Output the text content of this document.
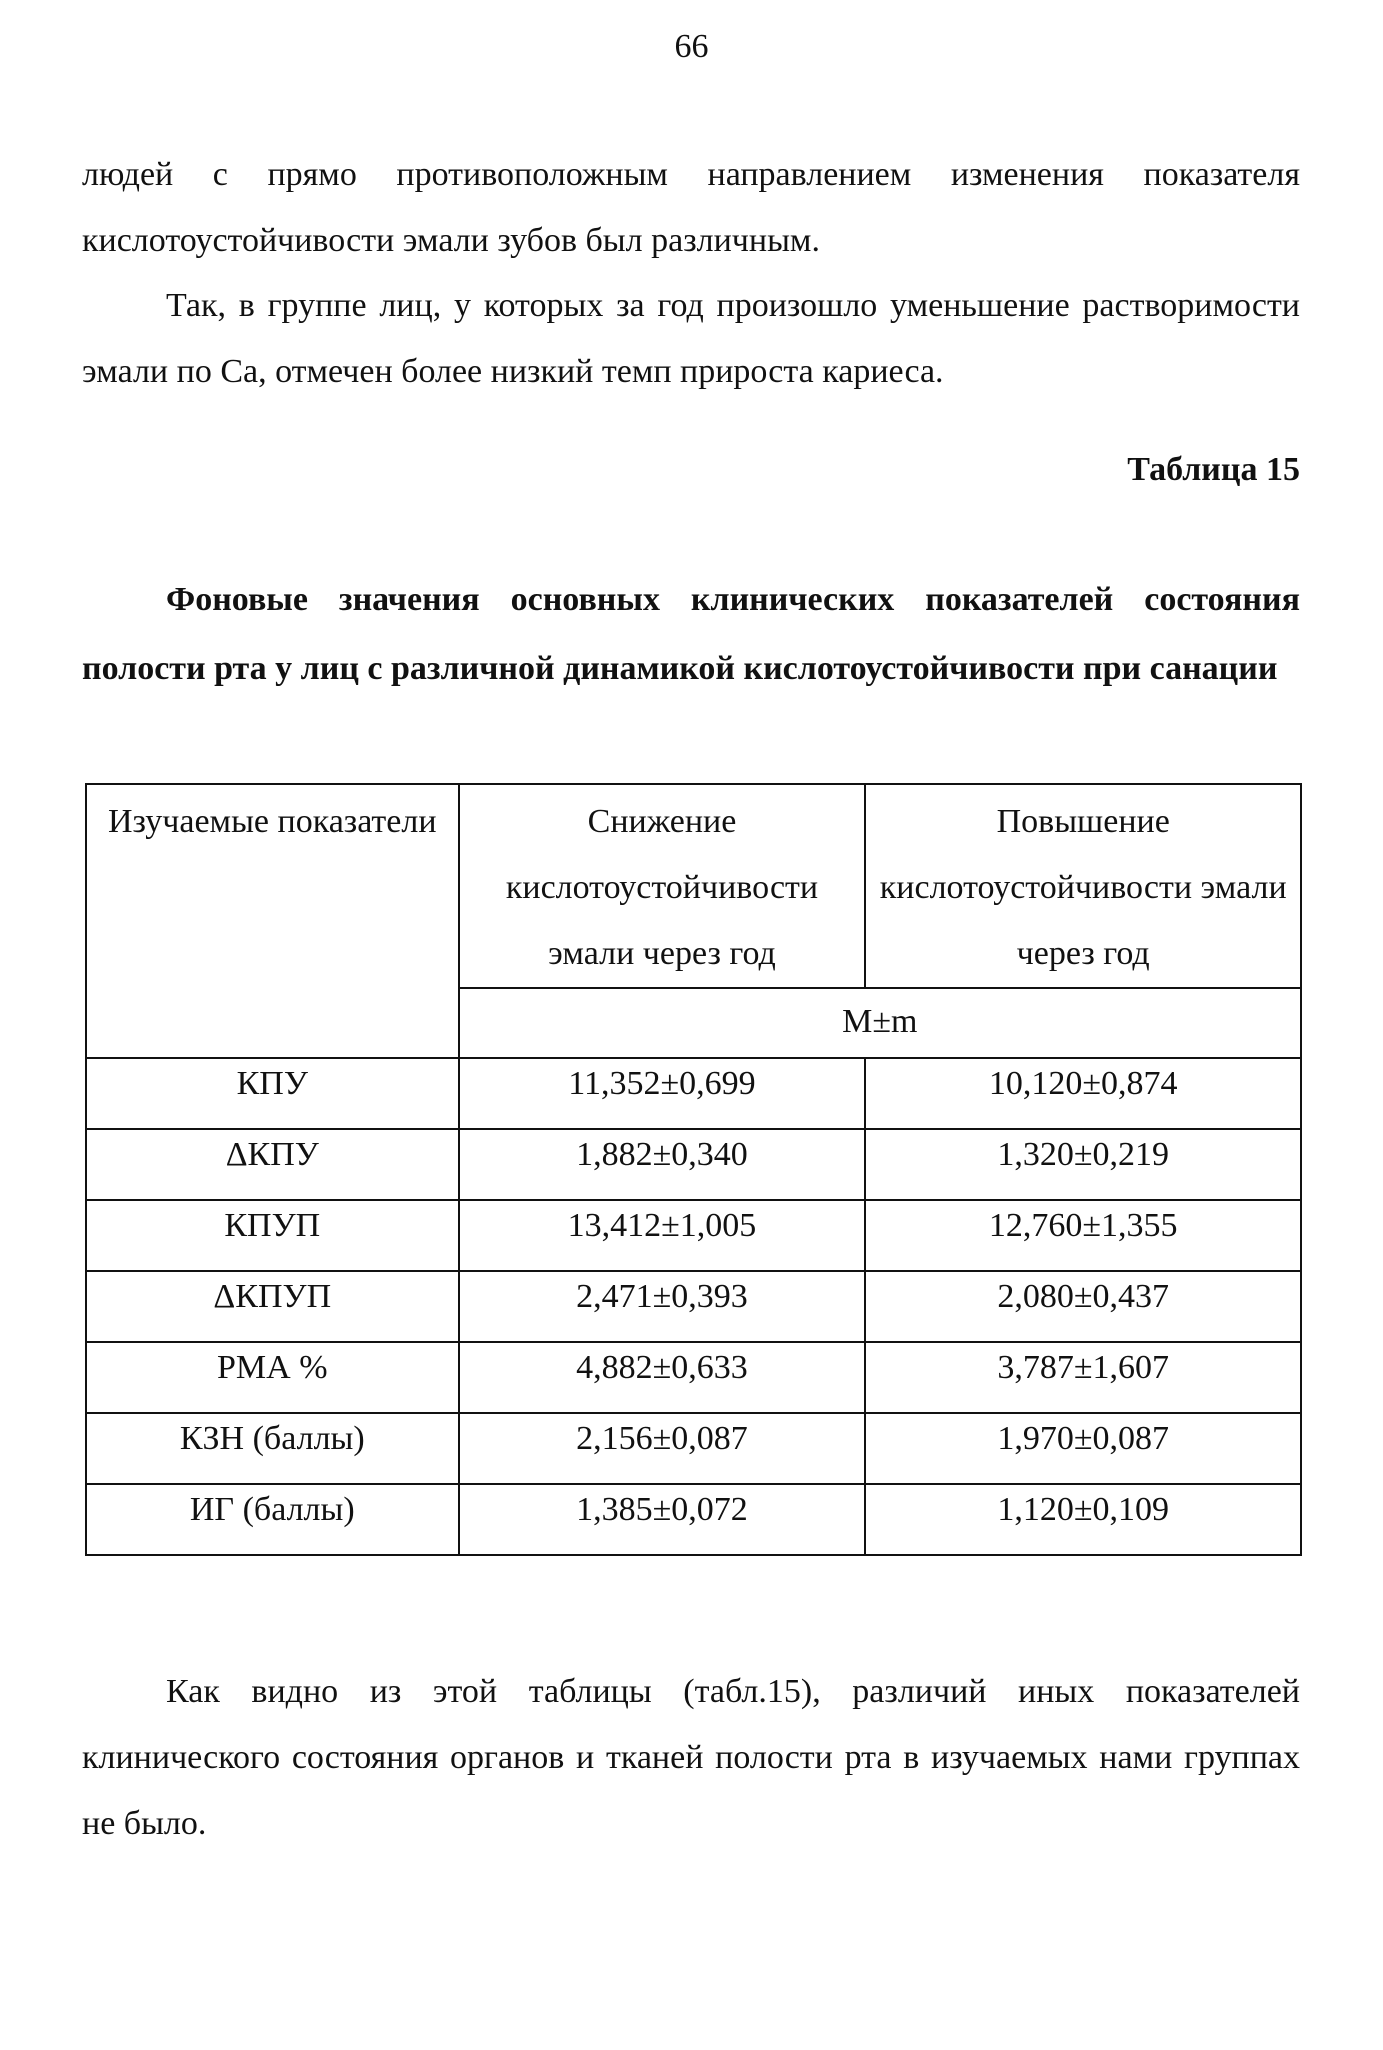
66
людей с прямо противоположным направлением изменения показателя кислотоустойчивости эмали зубов был различным.
Так, в группе лиц, у которых за год произошло уменьшение растворимости эмали по Са, отмечен более низкий темп прироста кариеса.
Таблица 15
Фоновые значения основных клинических показателей состояния полости рта у лиц с различной динамикой кислотоустойчивости при санации
Изучаемые показатели	Снижение кислотоустойчивости эмали через год	Повышение кислотоустойчивости эмали через год
	M±m	
КПУ	11,352±0,699	10,120±0,874
ΔКПУ	1,882±0,340	1,320±0,219
КПУП	13,412±1,005	12,760±1,355
ΔКПУП	2,471±0,393	2,080±0,437
РМА %	4,882±0,633	3,787±1,607
КЗН (баллы)	2,156±0,087	1,970±0,087
ИГ (баллы)	1,385±0,072	1,120±0,109
Как видно из этой таблицы (табл.15), различий иных показателей клинического состояния органов и тканей полости рта в изучаемых нами группах не было.
